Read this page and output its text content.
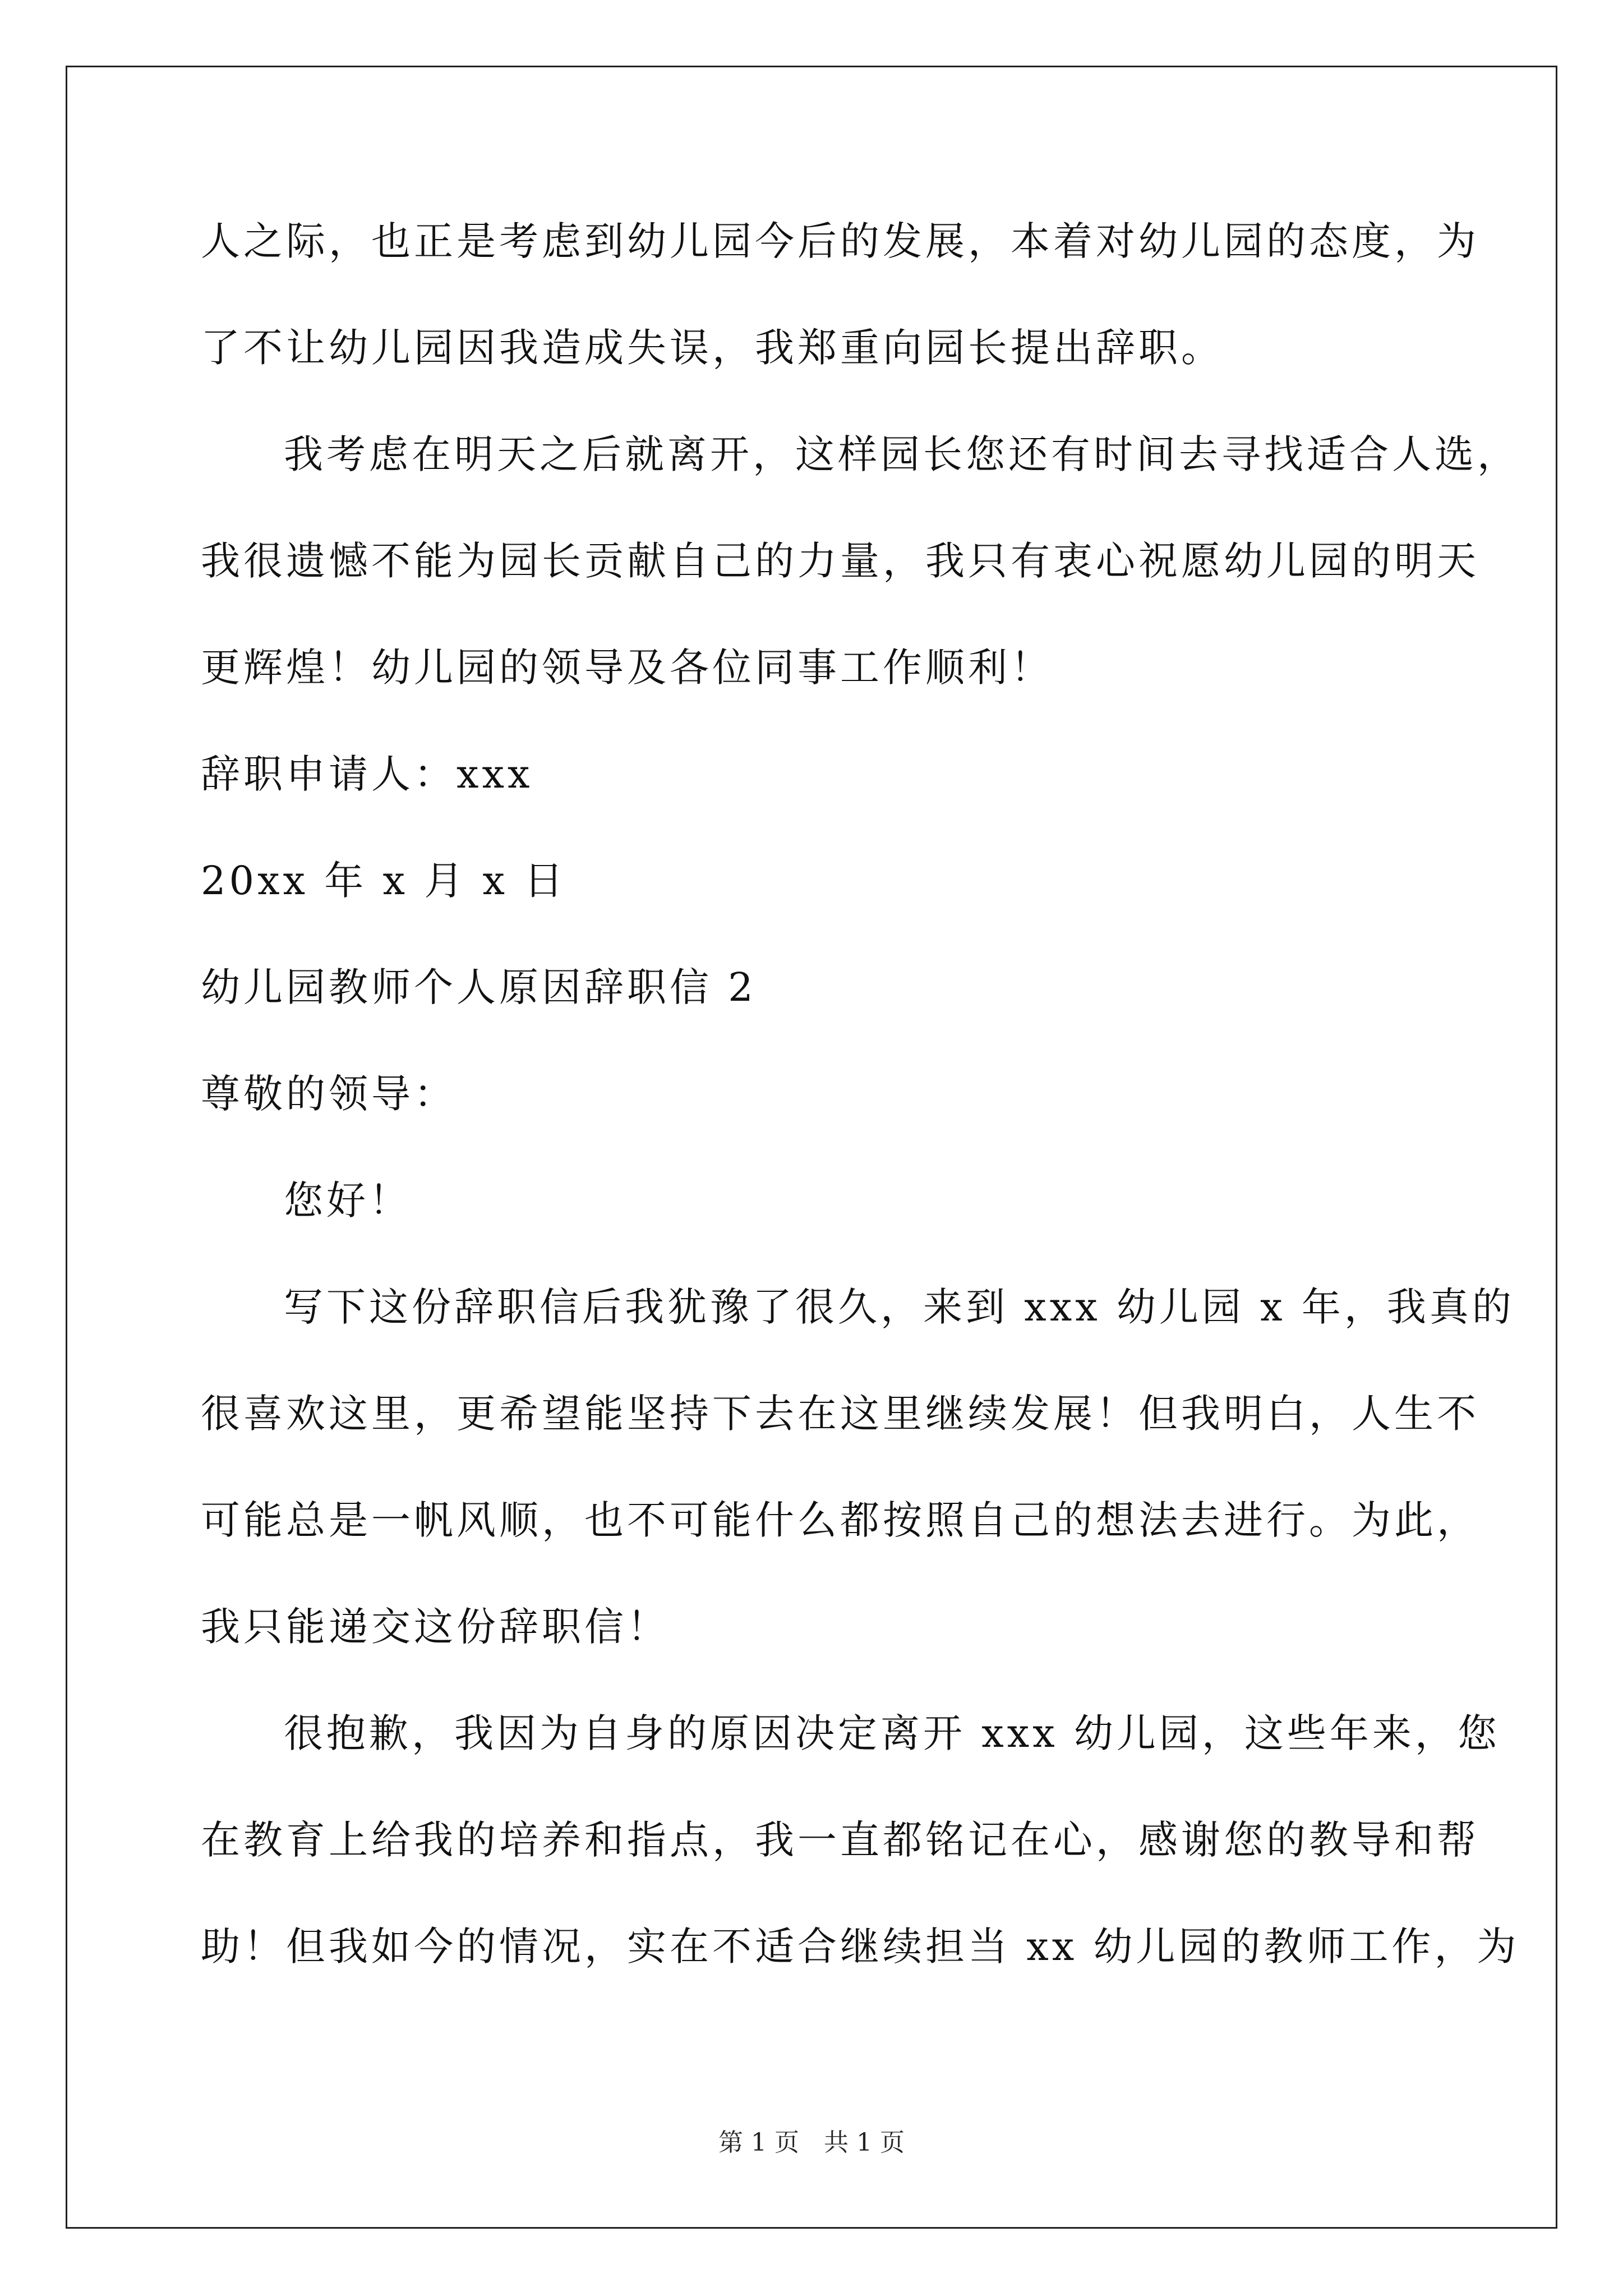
人之际，也正是考虑到幼儿园今后的发展，本着对幼儿园的态度，为
了不让幼儿园因我造成失误，我郑重向园长提出辞职。
我考虑在明天之后就离开，这样园长您还有时间去寻找适合人选，
我很遗憾不能为园长贡献自己的力量，我只有衷心祝愿幼儿园的明天
更辉煌！幼儿园的领导及各位同事工作顺利！
辞职申请人：xxx
20xx 年 x 月 x 日
幼儿园教师个人原因辞职信 2
尊敬的领导：
您好！
写下这份辞职信后我犹豫了很久，来到 xxx 幼儿园 x 年，我真的
很喜欢这里，更希望能坚持下去在这里继续发展！但我明白，人生不
可能总是一帆风顺，也不可能什么都按照自己的想法去进行。为此，
我只能递交这份辞职信！
很抱歉，我因为自身的原因决定离开 xxx 幼儿园，这些年来，您
在教育上给我的培养和指点，我一直都铭记在心，感谢您的教导和帮
助！但我如今的情况，实在不适合继续担当 xx 幼儿园的教师工作，为
第 1 页　共 1 页
